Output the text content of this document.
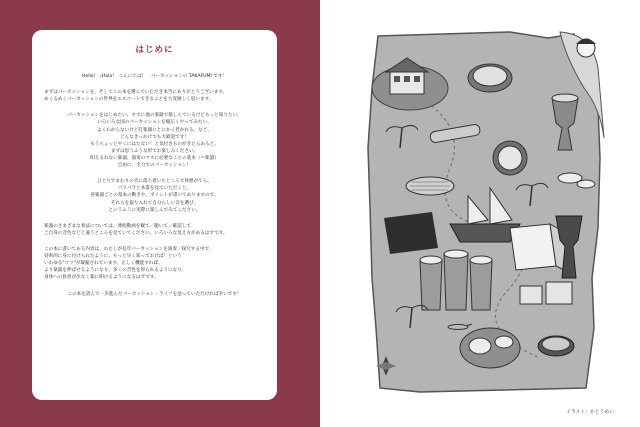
はじめに
Hello!　¡Hola!　こんにちは！　パーカッションの TAKAFUMI です！
まずはパーカッションを、そしてこの本を選んでいただき本当にありがとうございます。
めくるめくパーカッションの世界をエスコートできることを大変嬉しく思います。
パーカッションをはじめたい、すでに他の楽器で楽しんでいるけどもっと知りたい、
いろいろな国のパーカッションを幅広くやってみたい、
よくわからないけど打楽器にとにかく惹かれる、など、
どんなきっかけでも大歓迎です！
もうちょっとやくにはたない！と気付きものがきたらあると、
まずは思うふうな形でお楽しみください。
叩えるれない楽器、演奏のマスに必要なことの基本（＝楽譜）
自由に、全力でのパーカッション！
ひとりでまわりの音に落ち着いたところで休憩がてら、
パラパラと本書を見ていただくと、
各楽器ごとの基本の動きや、ポイントが書いてありますので、
それらを取り入れて自分らしい音を選び、
というふうに実際に楽しんでみてください。
楽器のさまざまな奏法については、連続動画を観て／聴いて／確認して
ご自身の音色などと違うところを見ていてください。いろいろな見え方があるはずです。
この本に書いてある内容は、わたしが長年パーカッションを演奏／探究する中で、
効率的に身に付けられたように、もっと早く知っておけば！という
いわゆる"コツ"が凝縮されています。正しく機能すれば、
より楽器を伸ばせるようになり、多くの音色を得られるようになり、
身体への負担が少なく楽に叩けるようになるはずです。
この本を読んで一歩進んだパーカッション・ライフを送っていただければ幸いです！
イラスト：かとうめい
